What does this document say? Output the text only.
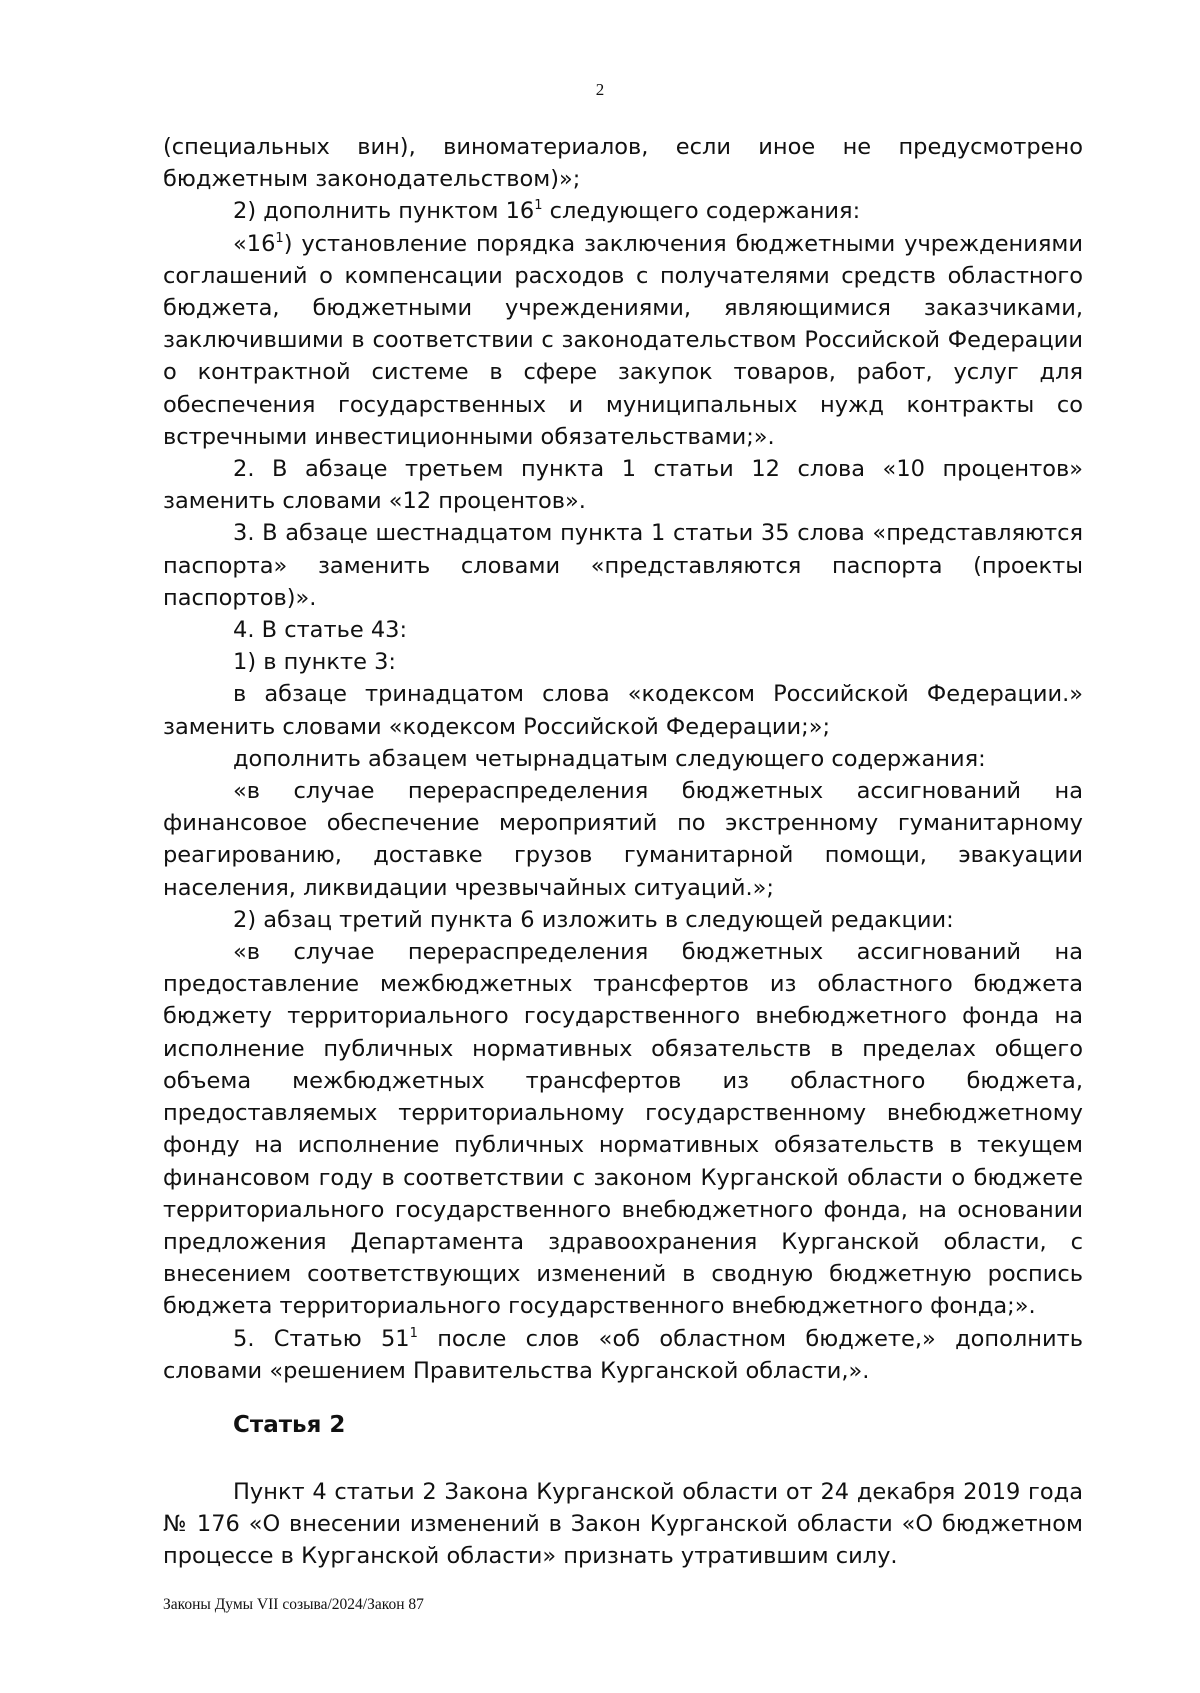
2

(специальных вин), виноматериалов, если иное не предусмотрено бюджетным законодательством)»;

2) дополнить пунктом $16^1$ следующего содержания:

«$16^1$) установление порядка заключения бюджетными учреждениями соглашений о компенсации расходов с получателями средств областного бюджета, бюджетными учреждениями, являющимися заказчиками, заключившими в соответствии с законодательством Российской Федерации о контрактной системе в сфере закупок товаров, работ, услуг для обеспечения государственных и муниципальных нужд контракты со встречными инвестиционными обязательствами;».

2. В абзаце третьем пункта 1 статьи 12 слова «10 процентов» заменить словами «12 процентов».

3. В абзаце шестнадцатом пункта 1 статьи 35 слова «представляются паспорта» заменить словами «представляются паспорта (проекты паспортов)».

4. В статье 43:

1) в пункте 3:

в абзаце тринадцатом слова «кодексом Российской Федерации.» заменить словами «кодексом Российской Федерации;»;

дополнить абзацем четырнадцатым следующего содержания:

«в случае перераспределения бюджетных ассигнований на финансовое обеспечение мероприятий по экстренному гуманитарному реагированию, доставке грузов гуманитарной помощи, эвакуации населения, ликвидации чрезвычайных ситуаций.»;

2) абзац третий пункта 6 изложить в следующей редакции:

«в случае перераспределения бюджетных ассигнований на предоставление межбюджетных трансфертов из областного бюджета бюджету территориального государственного внебюджетного фонда на исполнение публичных нормативных обязательств в пределах общего объема межбюджетных трансфертов из областного бюджета, предоставляемых территориальному государственному внебюджетному фонду на исполнение публичных нормативных обязательств в текущем финансовом году в соответствии с законом Курганской области о бюджете территориального государственного внебюджетного фонда, на основании предложения Департамента здравоохранения Курганской области, с внесением соответствующих изменений в сводную бюджетную роспись бюджета территориального государственного внебюджетного фонда;».

5. Статью $51^1$ после слов «об областном бюджете,» дополнить словами «решением Правительства Курганской области,».

Статья 2

Пункт 4 статьи 2 Закона Курганской области от 24 декабря 2019 года № 176 «О внесении изменений в Закон Курганской области «О бюджетном процессе в Курганской области» признать утратившим силу.

Законы Думы VII созыва/2024/Закон 87
